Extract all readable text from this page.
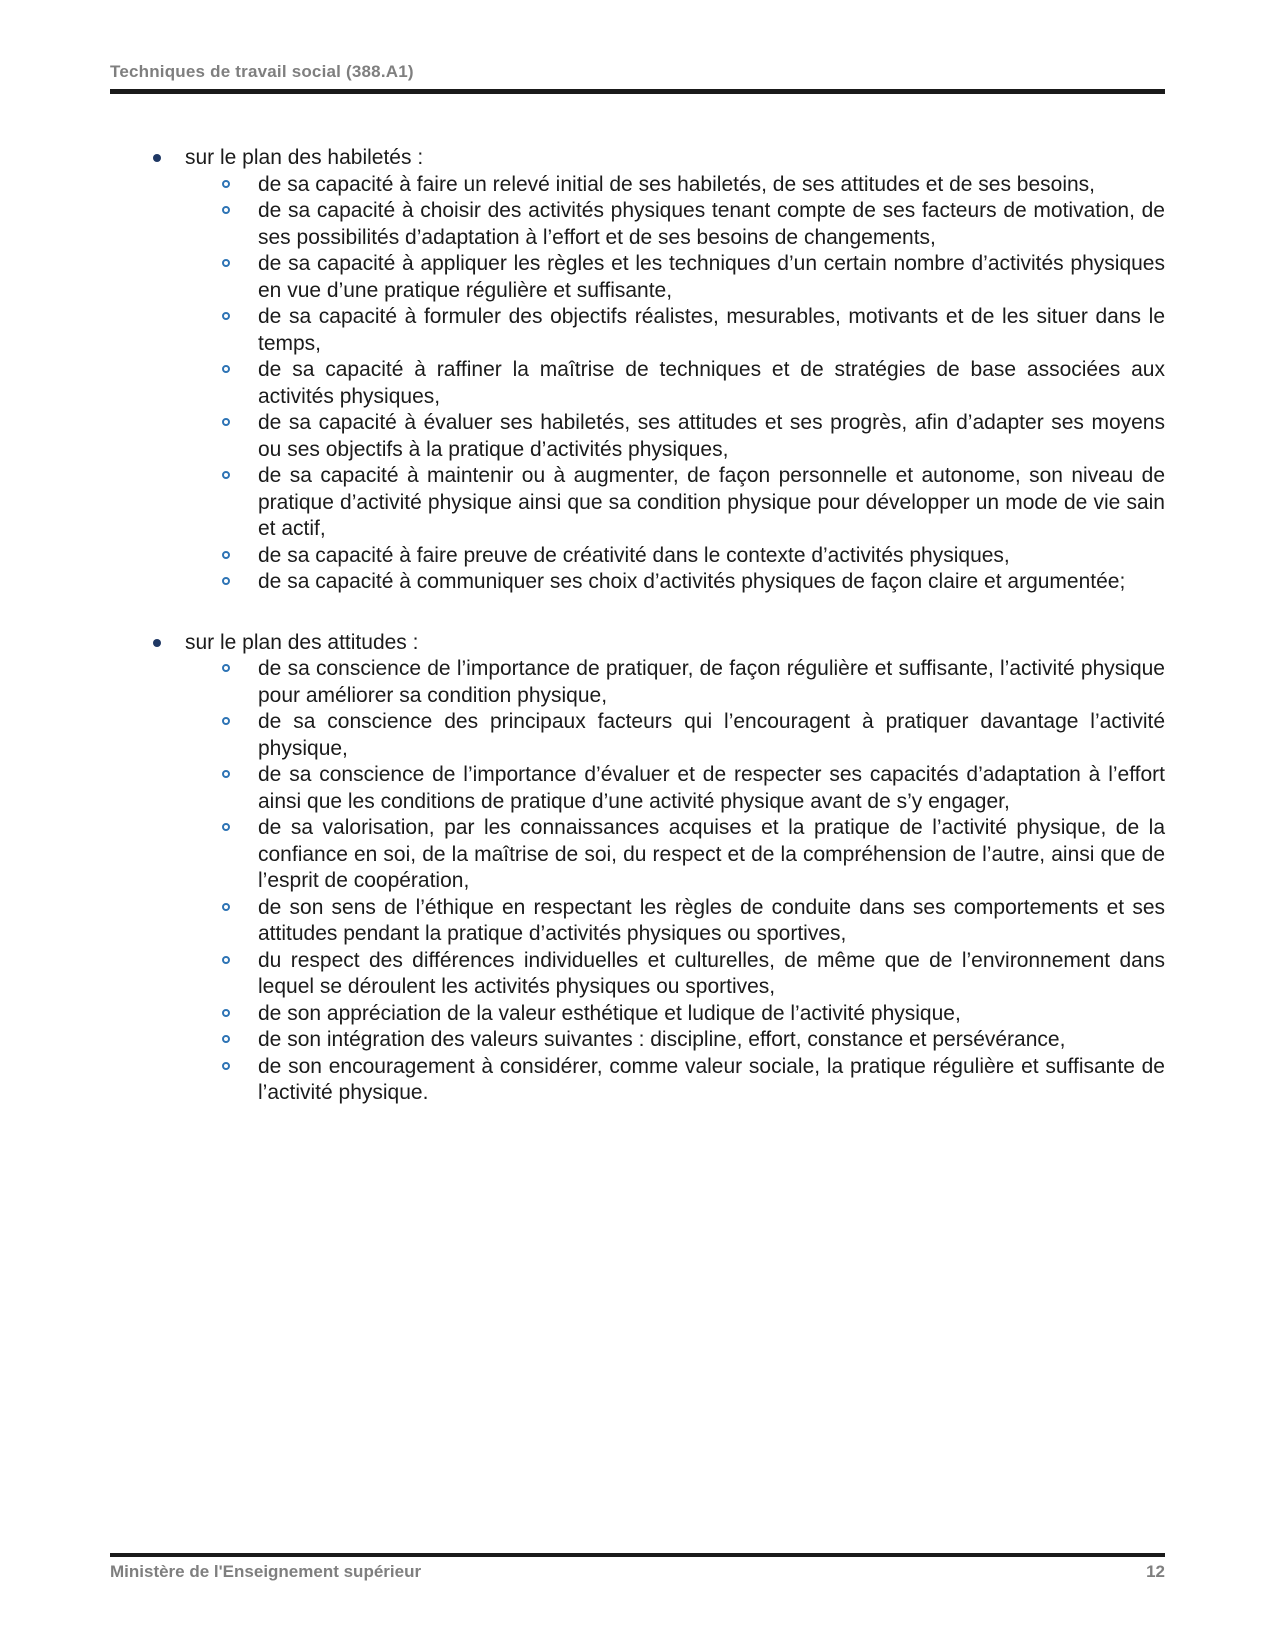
Techniques de travail social (388.A1)
sur le plan des habiletés :
de sa capacité à faire un relevé initial de ses habiletés, de ses attitudes et de ses besoins,
de sa capacité à choisir des activités physiques tenant compte de ses facteurs de motivation, de ses possibilités d’adaptation à l’effort et de ses besoins de changements,
de sa capacité à appliquer les règles et les techniques d’un certain nombre d’activités physiques en vue d’une pratique régulière et suffisante,
de sa capacité à formuler des objectifs réalistes, mesurables, motivants et de les situer dans le temps,
de sa capacité à raffiner la maîtrise de techniques et de stratégies de base associées aux activités physiques,
de sa capacité à évaluer ses habiletés, ses attitudes et ses progrès, afin d’adapter ses moyens ou ses objectifs à la pratique d’activités physiques,
de sa capacité à maintenir ou à augmenter, de façon personnelle et autonome, son niveau de pratique d’activité physique ainsi que sa condition physique pour développer un mode de vie sain et actif,
de sa capacité à faire preuve de créativité dans le contexte d’activités physiques,
de sa capacité à communiquer ses choix d’activités physiques de façon claire et argumentée;
sur le plan des attitudes :
de sa conscience de l’importance de pratiquer, de façon régulière et suffisante, l’activité physique pour améliorer sa condition physique,
de sa conscience des principaux facteurs qui l’encouragent à pratiquer davantage l’activité physique,
de sa conscience de l’importance d’évaluer et de respecter ses capacités d’adaptation à l’effort ainsi que les conditions de pratique d’une activité physique avant de s’y engager,
de sa valorisation, par les connaissances acquises et la pratique de l’activité physique, de la confiance en soi, de la maîtrise de soi, du respect et de la compréhension de l’autre, ainsi que de l’esprit de coopération,
de son sens de l’éthique en respectant les règles de conduite dans ses comportements et ses attitudes pendant la pratique d’activités physiques ou sportives,
du respect des différences individuelles et culturelles, de même que de l’environnement dans lequel se déroulent les activités physiques ou sportives,
de son appréciation de la valeur esthétique et ludique de l’activité physique,
de son intégration des valeurs suivantes : discipline, effort, constance et persévérance,
de son encouragement à considérer, comme valeur sociale, la pratique régulière et suffisante de l’activité physique.
Ministère de l'Enseignement supérieur	12
